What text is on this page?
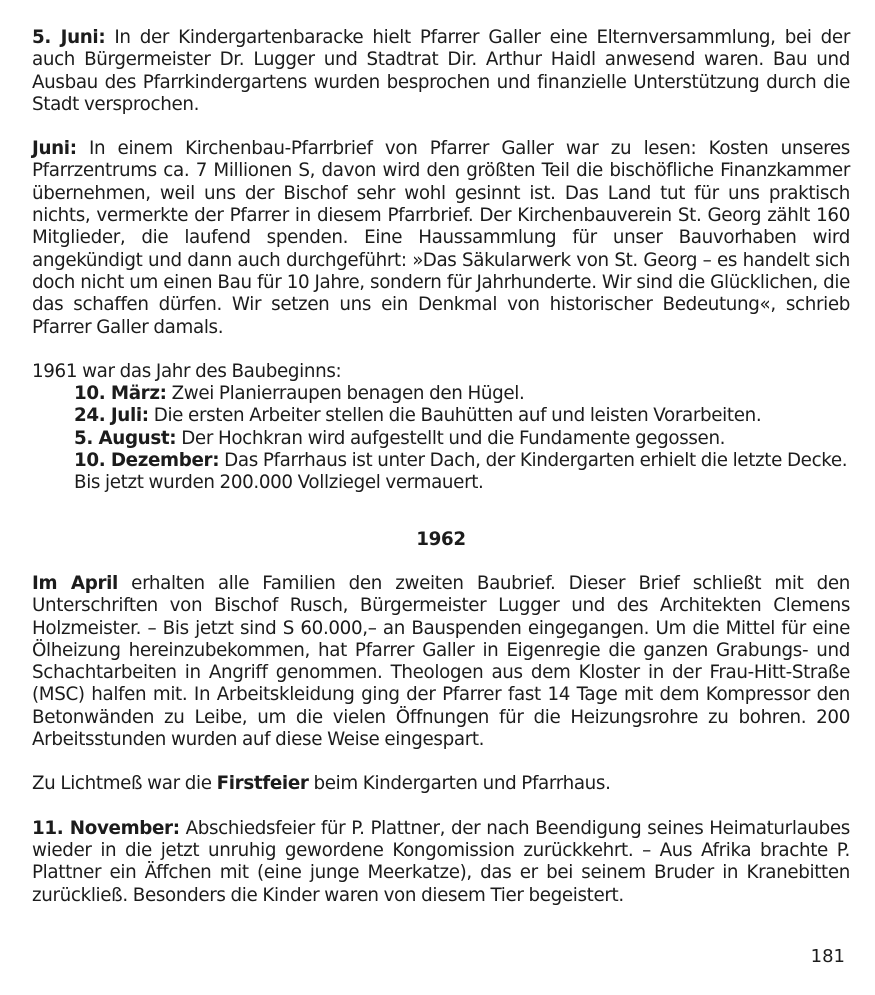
5. Juni: In der Kindergartenbaracke hielt Pfarrer Galler eine Elternversammlung, bei der auch Bürgermeister Dr. Lugger und Stadtrat Dir. Arthur Haidl anwesend waren. Bau und Ausbau des Pfarrkindergartens wurden besprochen und finanzielle Unterstützung durch die Stadt versprochen.

Juni: In einem Kirchenbau-Pfarrbrief von Pfarrer Galler war zu lesen: Kosten unseres Pfarrzentrums ca. 7 Millionen S, davon wird den größten Teil die bischöfliche Finanzkammer übernehmen, weil uns der Bischof sehr wohl gesinnt ist. Das Land tut für uns praktisch nichts, vermerkte der Pfarrer in diesem Pfarrbrief. Der Kirchenbauverein St. Georg zählt 160 Mitglieder, die laufend spenden. Eine Haussammlung für unser Bauvorhaben wird angekündigt und dann auch durchgeführt: »Das Säkularwerk von St. Georg – es handelt sich doch nicht um einen Bau für 10 Jahre, sondern für Jahrhunderte. Wir sind die Glücklichen, die das schaffen dürfen. Wir setzen uns ein Denkmal von historischer Bedeutung«, schrieb Pfarrer Galler damals.

1961 war das Jahr des Baubeginns:

10. März: Zwei Planierraupen benagen den Hügel.
24. Juli: Die ersten Arbeiter stellen die Bauhütten auf und leisten Vorarbeiten.
5. August: Der Hochkran wird aufgestellt und die Fundamente gegossen.
10. Dezember: Das Pfarrhaus ist unter Dach, der Kindergarten erhielt die letzte Decke. Bis jetzt wurden 200.000 Vollziegel vermauert.
1962

Im April erhalten alle Familien den zweiten Baubrief. Dieser Brief schließt mit den Unterschriften von Bischof Rusch, Bürgermeister Lugger und des Architekten Clemens Holzmeister. – Bis jetzt sind S 60.000,– an Bauspenden eingegangen. Um die Mittel für eine Ölheizung hereinzubekommen, hat Pfarrer Galler in Eigenregie die ganzen Grabungs- und Schachtarbeiten in Angriff genommen. Theologen aus dem Kloster in der Frau-Hitt-Straße (MSC) halfen mit. In Arbeitskleidung ging der Pfarrer fast 14 Tage mit dem Kompressor den Betonwänden zu Leibe, um die vielen Öffnungen für die Heizungsrohre zu bohren. 200 Arbeitsstunden wurden auf diese Weise eingespart.

Zu Lichtmeß war die Firstfeier beim Kindergarten und Pfarrhaus.

11. November: Abschiedsfeier für P. Plattner, der nach Beendigung seines Heimaturlaubes wieder in die jetzt unruhig gewordene Kongomission zurückkehrt. – Aus Afrika brachte P. Plattner ein Äffchen mit (eine junge Meerkatze), das er bei seinem Bruder in Kranebitten zurückließ. Besonders die Kinder waren von diesem Tier begeistert.

181
